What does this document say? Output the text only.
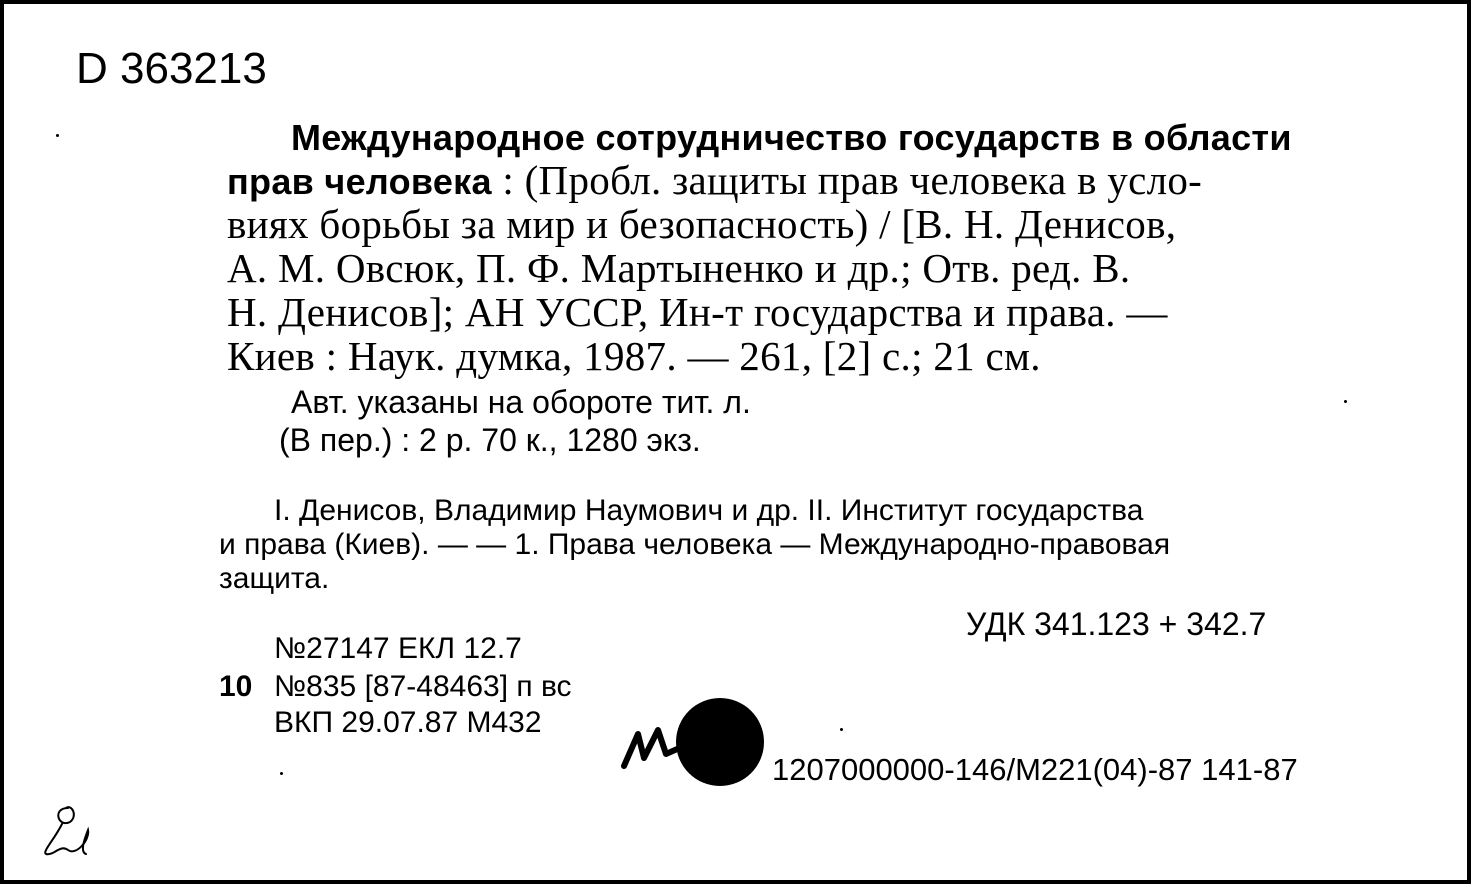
D 363213
Международное сотрудничество государств в области
прав человека : (Пробл. защиты прав человека в усло-
виях борьбы за мир и безопасность) / [В. Н. Денисов,
А. М. Овсюк, П. Ф. Мартыненко и др.; Отв. ред. В.
Н. Денисов]; АН УССР, Ин-т государства и права. —
Киев : Наук. думка, 1987. — 261, [2] с.; 21 см.
Авт. указаны на обороте тит. л.
(В пер.) : 2 р. 70 к., 1280 экз.
I. Денисов, Владимир Наумович и др. II. Институт государства
и права (Киев). — — 1. Права человека — Международно-правовая
защита.
УДК 341.123 + 342.7
№27147 ЕКЛ 12.7
10 №835 [87-48463] п вс
ВКП 29.07.87 М432
1207000000-146/М221(04)-87 141-87
